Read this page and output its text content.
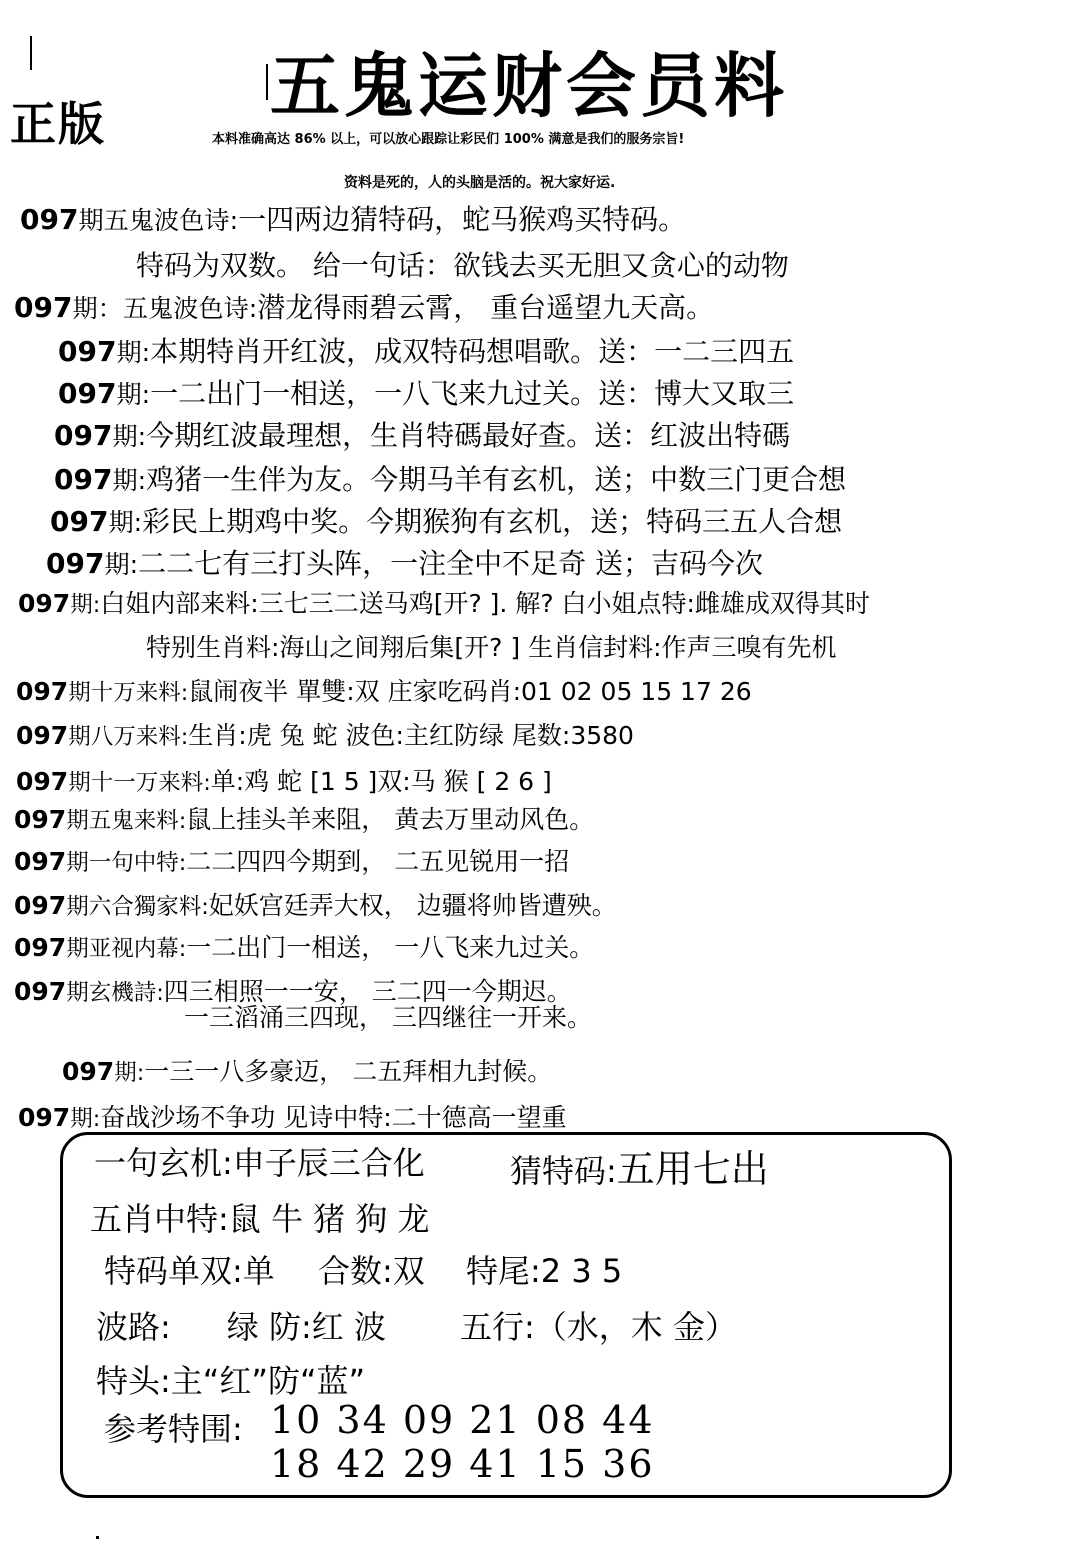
正版 五鬼运财会员料
本料准确高达 86% 以上，可以放心跟踪让彩民们 100% 满意是我们的服务宗旨!
资料是死的，人的头脑是活的。祝大家好运.
097期五鬼波色诗:一四两边猜特码，蛇马猴鸡买特码。
特码为双数。 给一句话：欲钱去买无胆又贪心的动物
097期：五鬼波色诗:潜龙得雨碧云霄， 重台遥望九天高。
097期:本期特肖开红波，成双特码想唱歌。送：一二三四五
097期:一二出门一相送，一八飞来九过关。送：博大又取三
097期:今期红波最理想，生肖特碼最好查。送：红波出特碼
097期:鸡猪一生伴为友。今期马羊有玄机，送；中数三门更合想
097期:彩民上期鸡中奖。今期猴狗有玄机，送；特码三五人合想
097期:二二七有三打头阵，一注全中不足奇 送；吉码今次
097期:白姐内部来料:三七三二送马鸡[开? ]. 解? 白小姐点特:雌雄成双得其时
特别生肖料:海山之间翔后集[开? ] 生肖信封料:作声三嗅有先机
097期十万来料:鼠闹夜半 單雙:双 庄家吃码肖:01 02 05 15 17 26
097期八万来料:生肖:虎 兔 蛇 波色:主红防绿 尾数:3580
097期十一万来料:单:鸡 蛇 [1 5 ]双:马 猴 [ 2 6 ]
097期五鬼来料:鼠上挂头羊来阻， 黄去万里动风色。
097期一句中特:二二四四今期到， 二五见锐用一招
097期六合獨家料:妃妖宫廷弄大权， 边疆将帅皆遭殃。
097期亚视内幕:一二出门一相送， 一八飞来九过关。
097期玄機詩:四三相照一一安， 三二四一今期迟。
一三滔涌三四现， 三四继往一开来。
097期:一三一八多豪迈， 二五拜相九封候。
097期:奋战沙场不争功 见诗中特:二十德高一望重
一句玄机:申子辰三合化	猜特码:五用七出
五肖中特:鼠 牛 猪 狗 龙
特码单双:单 合数:双 特尾:2 3 5
波路: 绿 防:红 波 五行:（水，木 金）
特头:主“红”防“蓝”
参考特围: 10 34 09 21 08 44
18 42 29 41 15 36
